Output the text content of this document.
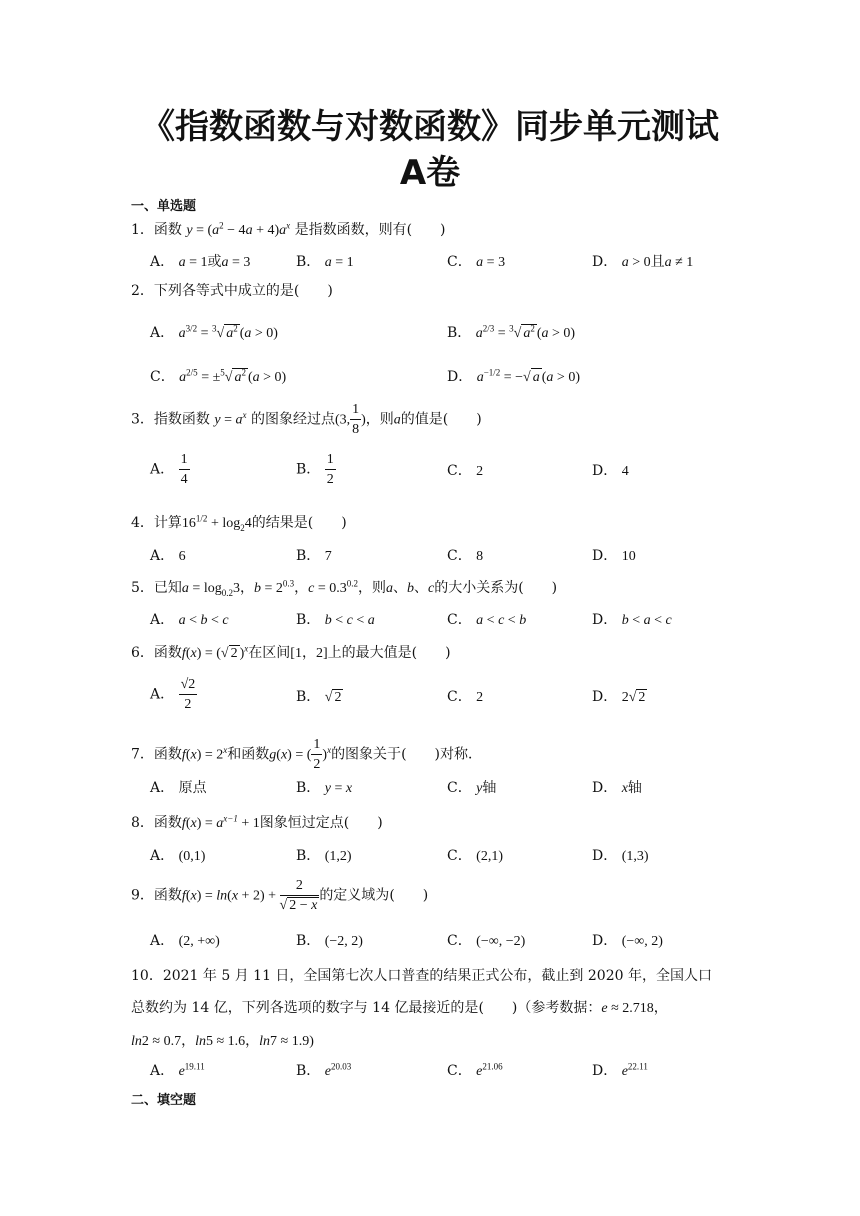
《指数函数与对数函数》同步单元测试
A卷
一、单选题
1．函数 $y = (a^2 - 4a + 4)a^x$ 是指数函数，则有(　　)
A． a = 1或a = 3	B． a = 1	C． a = 3	D． a > 0且a ≠ 1
2．下列各等式中成立的是(　　)
A． $a^{3/2} = ^3√$ $a^2$ (a > 0)	B． $a^{2/3} = ^3√$ $a^2$ (a > 0)
C． $a^{2/5} = \pm^5√$ $a^2$ (a > 0)	D． $a^{-1/2}$ = −√ a (a > 0)
3．指数函数 $y = a^x$ 的图象经过点(3, $\frac{1}{8}$ )，则a的值是(　　)
A． $\frac{1}{4}$	B． $\frac{1}{2}$	C． 2	D． 4
4．计算$16^{1/2} + \log_24$的结果是(　　)
A． 6	B． 7	C． 8	D． 10
5．已知$a = \log_{0.2}3$，$b = 2^{0.3}$，$c = 0.3^{0.2}$，则a、b、c的大小关系为(　　)
A． a < b < c	B． b < c < a	C． a < c < b	D． b < a < c
6．函数f(x) = (√ 2 )$^x$在区间[1，2]上的最大值是(　　)
A． $\frac{√2}{2}$	B． √ 2	C． 2	D． 2√ 2
7．函数$f(x) = 2^x$和函数g(x) = ( $\frac{1}{2} )^x$的图象关于(　　)对称．
A． 原点	B． y = x	C． y轴	D． x轴
8．函数$f(x) = a^{x-1} + 1$图象恒过定点(　　)
A． (0,1)	B． (1,2)	C． (2,1)	D． (1,3)
9．函数$f(x) = \ln(x + 2) + \frac{2}{√ 2 - x}$ 的定义域为(　　)
A． (2, +∞)	B． (−2, 2)	C． (−∞, −2)	D． (−∞, 2)

10．2021 年 5 月 11 日，全国第七次人口普查的结果正式公布，截止到 2020 年，全国人口

总数约为 14 亿，下列各选项的数字与 14 亿最接近的是(　　)（参考数据：e ≈ 2.718，

ln2 ≈ 0.7，ln5 ≈ 1.6，ln7 ≈ 1.9)

A． $e^{19.11}$	B． $e^{20.03}$	C． $e^{21.06}$	D． $e^{22.11}$
二、填空题
